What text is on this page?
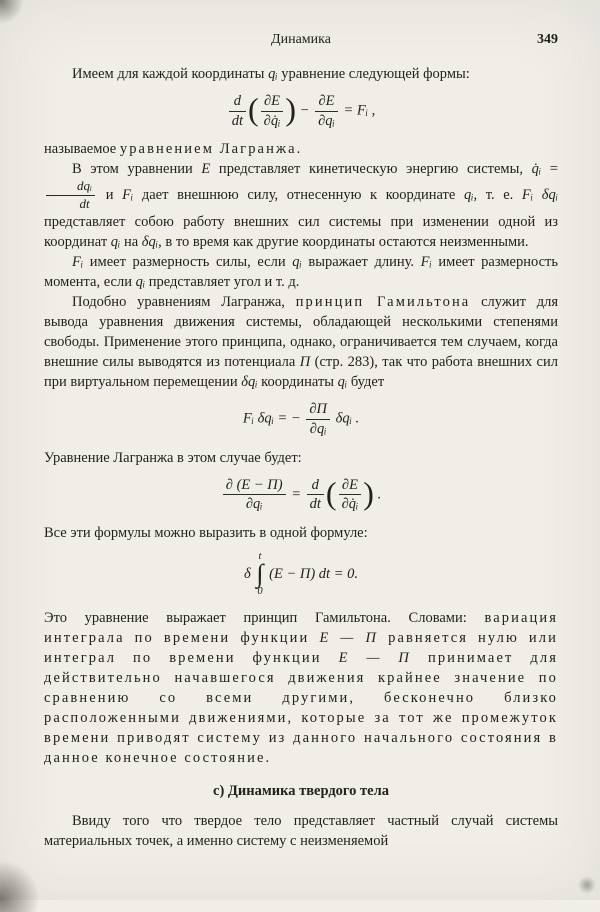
Динамика	349

Имеем для каждой координаты qᵢ уравнение следующей формы:

$\frac{d}{dt}$ ( $\frac{\partial E}{\text{∂q̇ᵢ}}$ ) − $\frac{\partial E}{\text{∂qᵢ}}$ = Fᵢ ,

называемое уравнением Лагранжа.

В этом уравнении E представляет кинетическую энергию системы, q̇ᵢ =
$\frac{\text{dqᵢ}}{dt}$ и Fᵢ дает внешнюю силу, отнесенную к координате qᵢ, т. е. Fᵢ δqᵢ представляет собою работу внешних сил системы при изменении одной из координат qᵢ на δqᵢ, в то время как другие координаты остаются неизменными.

Fᵢ имеет размерность силы, если qᵢ выражает длину. Fᵢ имеет размерность момента, если qᵢ представляет угол и т. д.

Подобно уравнениям Лагранжа, принцип Гамильтона служит для вывода уравнения движения системы, обладающей несколькими степенями свободы. Применение этого принципа, однако, ограничивается тем случаем, когда внешние силы выводятся из потенциала П (стр. 283), так что работа внешних сил при виртуальном перемещении δqᵢ координаты qᵢ будет

Fᵢ δqᵢ = − $\frac{\partial П}{\text{∂qᵢ}}$ δqᵢ .

Уравнение Лагранжа в этом случае будет:

$\frac{\partial (E - П)}{\text{∂qᵢ}} = \frac{d}{dt}$ ( $\frac{\partial E}{\text{∂q̇ᵢ}}$ ) .

Все эти формулы можно выразить в одной формуле:

δ
t
∫
0
(E − П) dt = 0.

Это уравнение выражает принцип Гамильтона. Словами: вариация интеграла по времени функции E — П равняется нулю или интеграл по времени функции E — П принимает для действительно начавшегося движения крайнее значение по сравнению со всеми другими, бесконечно близко расположенными движениями, которые за тот же промежуток времени приводят систему из данного начального состояния в данное конечное состояние.

с) Динамика твердого тела

Ввиду того что твердое тело представляет частный случай системы материальных точек, а именно систему с неизменяемой
